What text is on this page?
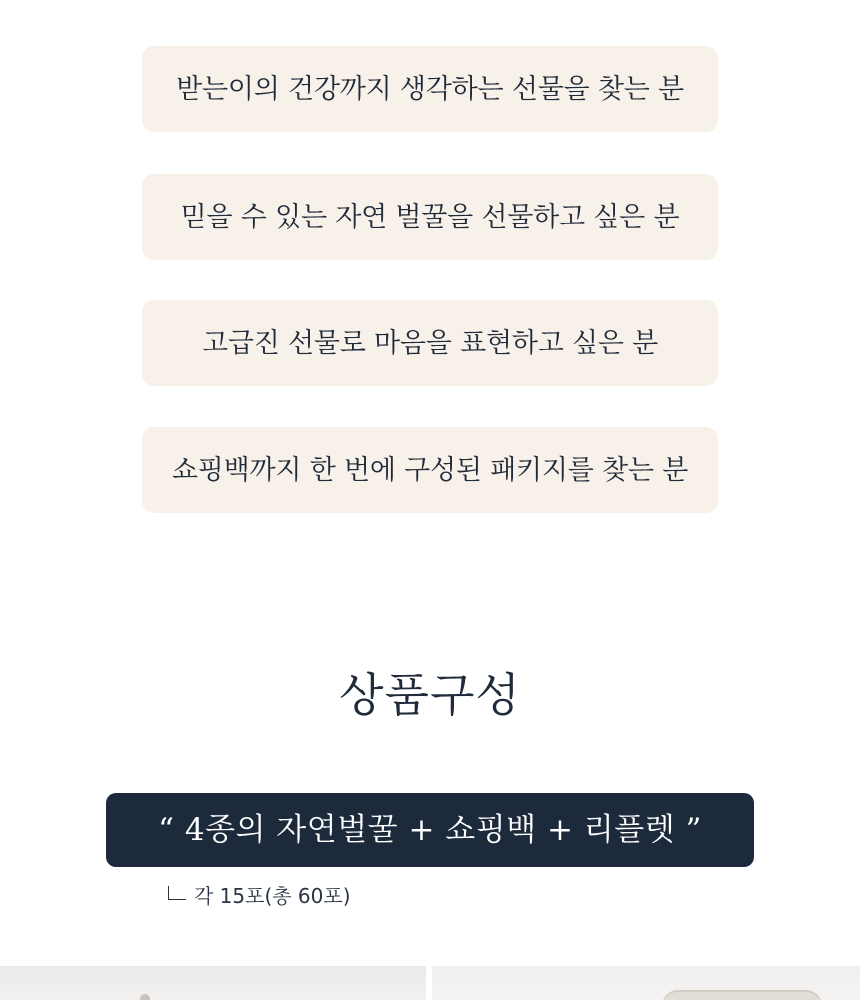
받는이의 건강까지 생각하는 선물을 찾는 분
믿을 수 있는 자연 벌꿀을 선물하고 싶은 분
고급진 선물로 마음을 표현하고 싶은 분
쇼핑백까지 한 번에 구성된 패키지를 찾는 분
상품구성
“ 4종의 자연벌꿀 + 쇼핑백 + 리플렛 ”
각 15포(총 60포)
